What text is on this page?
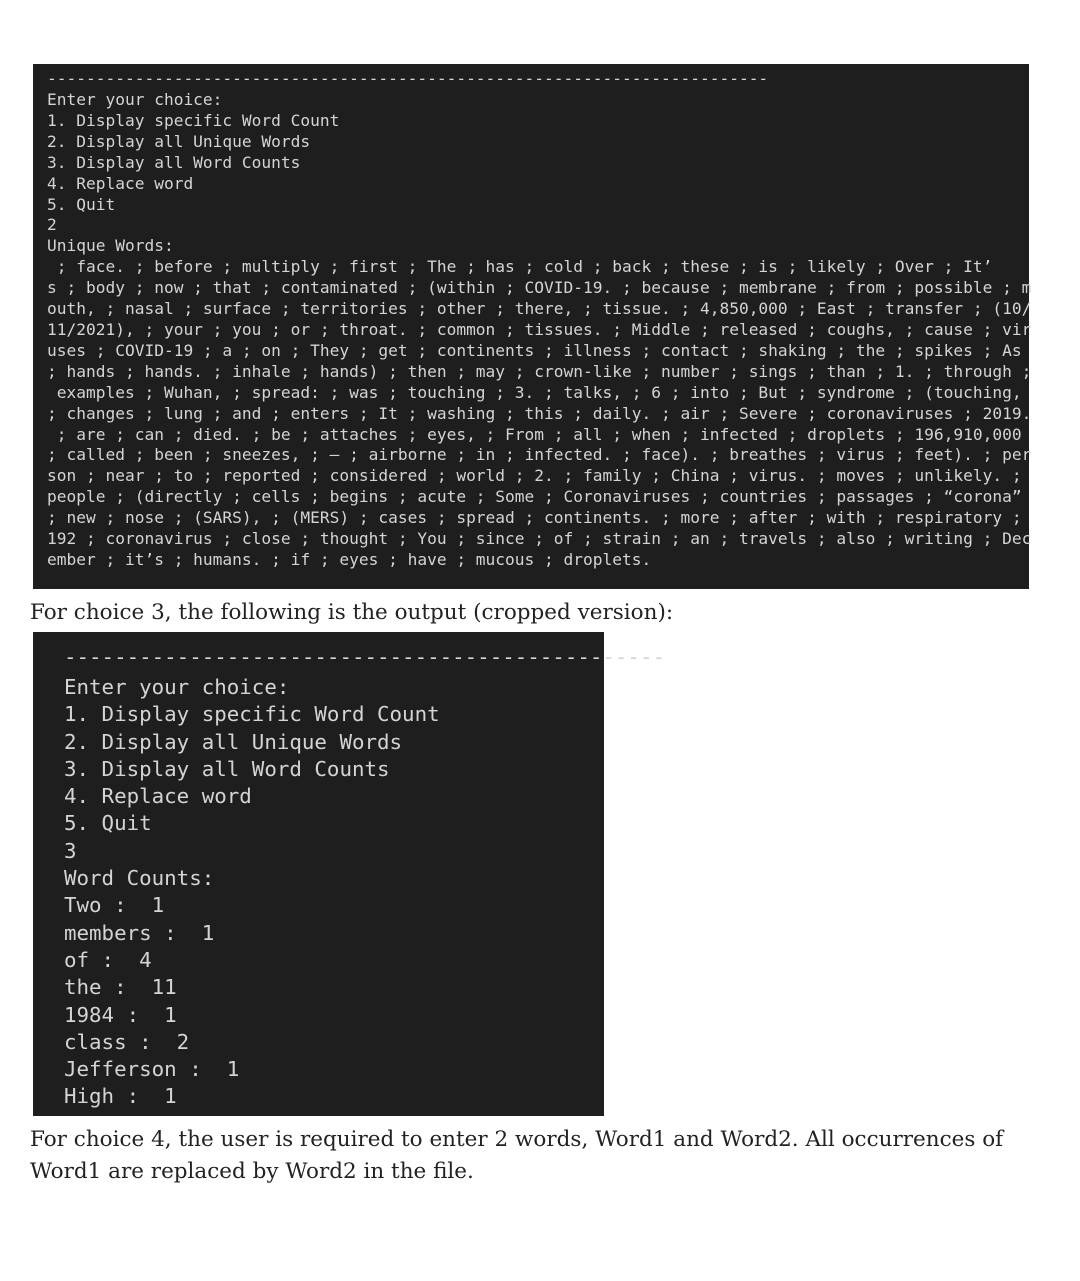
--------------------------------------------------------------------------
Enter your choice:
1. Display specific Word Count
2. Display all Unique Words
3. Display all Word Counts
4. Replace word
5. Quit
2
Unique Words:
; face. ; before ; multiply ; first ; The ; has ; cold ; back ; these ; is ; likely ; Over ; It’
s ; body ; now ; that ; contaminated ; (within ; COVID-19. ; because ; membrane ; from ; possible ; m
outh, ; nasal ; surface ; territories ; other ; there, ; tissue. ; 4,850,000 ; East ; transfer ; (10/
11/2021), ; your ; you ; or ; throat. ; common ; tissues. ; Middle ; released ; coughs, ; cause ; vir
uses ; COVID-19 ; a ; on ; They ; get ; continents ; illness ; contact ; shaking ; the ; spikes ; As
; hands ; hands. ; inhale ; hands) ; then ; may ; crown-like ; number ; sings ; than ; 1. ; through ;
examples ; Wuhan, ; spread: ; was ; touching ; 3. ; talks, ; 6 ; into ; But ; syndrome ; (touching,
; changes ; lung ; and ; enters ; It ; washing ; this ; daily. ; air ; Severe ; coronaviruses ; 2019.
; are ; can ; died. ; be ; attaches ; eyes, ; From ; all ; when ; infected ; droplets ; 196,910,000
; called ; been ; sneezes, ; – ; airborne ; in ; infected. ; face). ; breathes ; virus ; feet). ; per
son ; near ; to ; reported ; considered ; world ; 2. ; family ; China ; virus. ; moves ; unlikely. ;
people ; (directly ; cells ; begins ; acute ; Some ; Coronaviruses ; countries ; passages ; “corona”
; new ; nose ; (SARS), ; (MERS) ; cases ; spread ; continents. ; more ; after ; with ; respiratory ;
192 ; coronavirus ; close ; thought ; You ; since ; of ; strain ; an ; travels ; also ; writing ; Dec
ember ; it’s ; humans. ; if ; eyes ; have ; mucous ; droplets.
For choice 3, the following is the output (cropped version):
------------------------------------------------
Enter your choice:
1. Display specific Word Count
2. Display all Unique Words
3. Display all Word Counts
4. Replace word
5. Quit
3
Word Counts:
Two :  1
members :  1
of :  4
the :  11
1984 :  1
class :  2
Jefferson :  1
High :  1
For choice 4, the user is required to enter 2 words, Word1 and Word2. All occurrences of Word1 are replaced by Word2 in the file.
